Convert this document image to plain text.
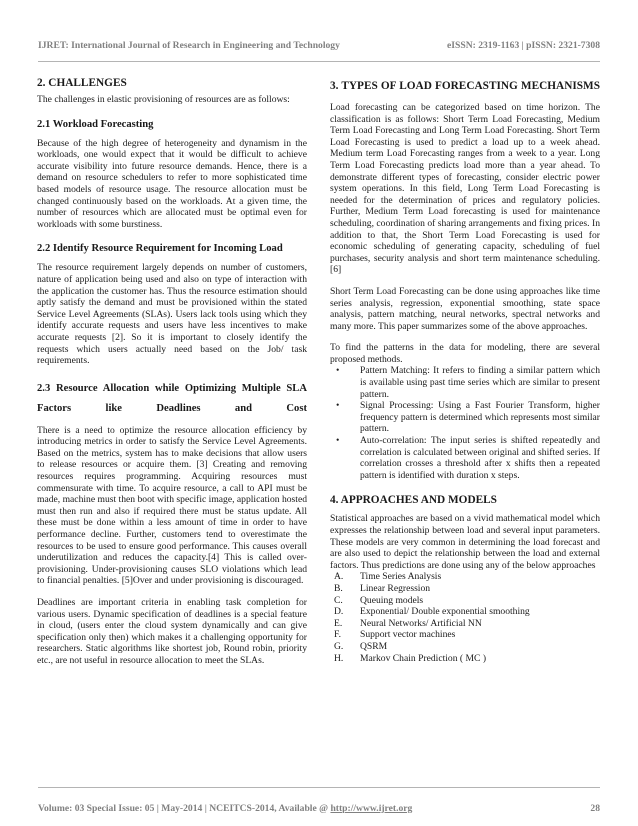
IJRET: International Journal of Research in Engineering and Technology	eISSN: 2319-1163 | pISSN: 2321-7308
2. CHALLENGES

The challenges in elastic provisioning of resources are as follows:

2.1 Workload Forecasting

Because of the high degree of heterogeneity and dynamism in the workloads, one would expect that it would be difficult to achieve accurate visibility into future resource demands. Hence, there is a demand on resource schedulers to refer to more sophisticated time based models of resource usage. The resource allocation must be changed continuously based on the workloads. At a given time, the number of resources which are allocated must be optimal even for workloads with some burstiness.

2.2 Identify Resource Requirement for Incoming Load

The resource requirement largely depends on number of customers, nature of application being used and also on type of interaction with the application the customer has. Thus the resource estimation should aptly satisfy the demand and must be provisioned within the stated Service Level Agreements (SLAs). Users lack tools using which they identify accurate requests and users have less incentives to make accurate requests [2]. So it is important to closely identify the requests which users actually need based on the Job/ task requirements.

2.3 Resource Allocation while Optimizing Multiple SLA Factors like Deadlines and Cost

There is a need to optimize the resource allocation efficiency by introducing metrics in order to satisfy the Service Level Agreements. Based on the metrics, system has to make decisions that allow users to release resources or acquire them. [3] Creating and removing resources requires programming. Acquiring resources must commensurate with time. To acquire resource, a call to API must be made, machine must then boot with specific image, application hosted must then run and also if required there must be status update. All these must be done within a less amount of time in order to have performance decline. Further, customers tend to overestimate the resources to be used to ensure good performance. This causes overall underutilization and reduces the capacity.[4] This is called over-provisioning. Under-provisioning causes SLO violations which lead to financial penalties. [5]Over and under provisioning is discouraged.

Deadlines are important criteria in enabling task completion for various users. Dynamic specification of deadlines is a special feature in cloud, (users enter the cloud system dynamically and can give specification only then) which makes it a challenging opportunity for researchers. Static algorithms like shortest job, Round robin, priority etc., are not useful in resource allocation to meet the SLAs.

3. TYPES OF LOAD FORECASTING MECHANISMS

Load forecasting can be categorized based on time horizon. The classification is as follows: Short Term Load Forecasting, Medium Term Load Forecasting and Long Term Load Forecasting. Short Term Load Forecasting is used to predict a load up to a week ahead. Medium term Load Forecasting ranges from a week to a year. Long Term Load Forecasting predicts load more than a year ahead. To demonstrate different types of forecasting, consider electric power system operations. In this field, Long Term Load Forecasting is needed for the determination of prices and regulatory policies. Further, Medium Term Load forecasting is used for maintenance scheduling, coordination of sharing arrangements and fixing prices. In addition to that, the Short Term Load Forecasting is used for economic scheduling of generating capacity, scheduling of fuel purchases, security analysis and short term maintenance scheduling. [6]

Short Term Load Forecasting can be done using approaches like time series analysis, regression, exponential smoothing, state space analysis, pattern matching, neural networks, spectral networks and many more. This paper summarizes some of the above approaches.

To find the patterns in the data for modeling, there are several proposed methods.

• Pattern Matching: It refers to finding a similar pattern which is available using past time series which are similar to present pattern.
• Signal Processing: Using a Fast Fourier Transform, higher frequency pattern is determined which represents most similar pattern.
• Auto-correlation: The input series is shifted repeatedly and correlation is calculated between original and shifted series. If correlation crosses a threshold after x shifts then a repeated pattern is identified with duration x steps.
4. APPROACHES AND MODELS

Statistical approaches are based on a vivid mathematical model which expresses the relationship between load and several input parameters. These models are very common in determining the load forecast and are also used to depict the relationship between the load and external factors. Thus predictions are done using any of the below approaches

A. Time Series Analysis
B. Linear Regression
C. Queuing models
D. Exponential/ Double exponential smoothing
E. Neural Networks/ Artificial NN
F. Support vector machines
G. QSRM
H. Markov Chain Prediction ( MC )
Volume: 03 Special Issue: 05 | May-2014 | NCEITCS-2014, Available @ http://www.ijret.org	28
